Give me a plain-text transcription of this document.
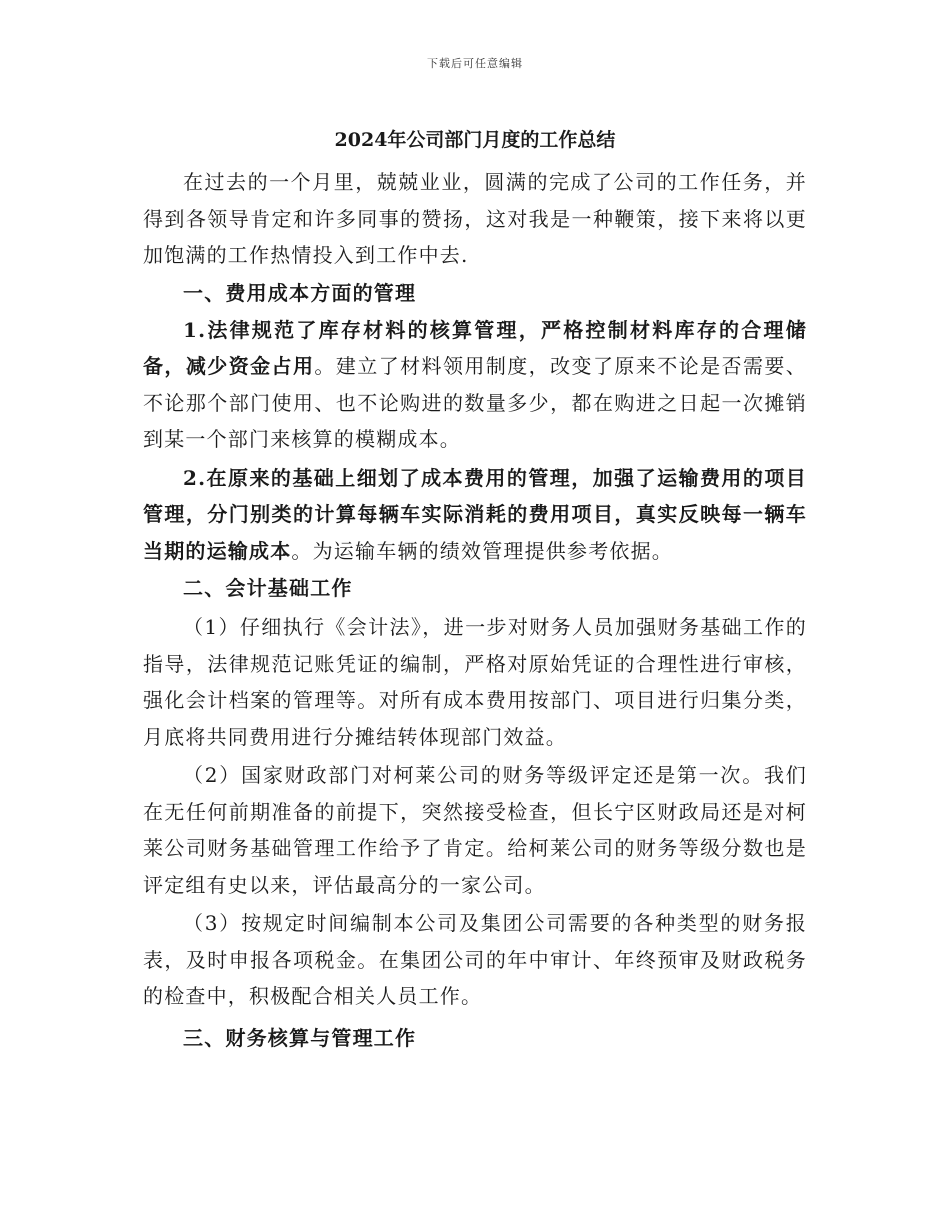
下载后可任意编辑
2024年公司部门月度的工作总结

在过去的一个月里，兢兢业业，圆满的完成了公司的工作任务，并得到各领导肯定和许多同事的赞扬，这对我是一种鞭策，接下来将以更加饱满的工作热情投入到工作中去.

一、费用成本方面的管理

1.法律规范了库存材料的核算管理，严格控制材料库存的合理储备，减少资金占用。建立了材料领用制度，改变了原来不论是否需要、不论那个部门使用、也不论购进的数量多少，都在购进之日起一次摊销到某一个部门来核算的模糊成本。

2.在原来的基础上细划了成本费用的管理，加强了运输费用的项目管理，分门别类的计算每辆车实际消耗的费用项目，真实反映每一辆车当期的运输成本。为运输车辆的绩效管理提供参考依据。

二、会计基础工作

（1）仔细执行《会计法》，进一步对财务人员加强财务基础工作的指导，法律规范记账凭证的编制，严格对原始凭证的合理性进行审核，强化会计档案的管理等。对所有成本费用按部门、项目进行归集分类，月底将共同费用进行分摊结转体现部门效益。

（2）国家财政部门对柯莱公司的财务等级评定还是第一次。我们在无任何前期准备的前提下，突然接受检查，但长宁区财政局还是对柯莱公司财务基础管理工作给予了肯定。给柯莱公司的财务等级分数也是评定组有史以来，评估最高分的一家公司。

（3）按规定时间编制本公司及集团公司需要的各种类型的财务报表，及时申报各项税金。在集团公司的年中审计、年终预审及财政税务的检查中，积极配合相关人员工作。

三、财务核算与管理工作
